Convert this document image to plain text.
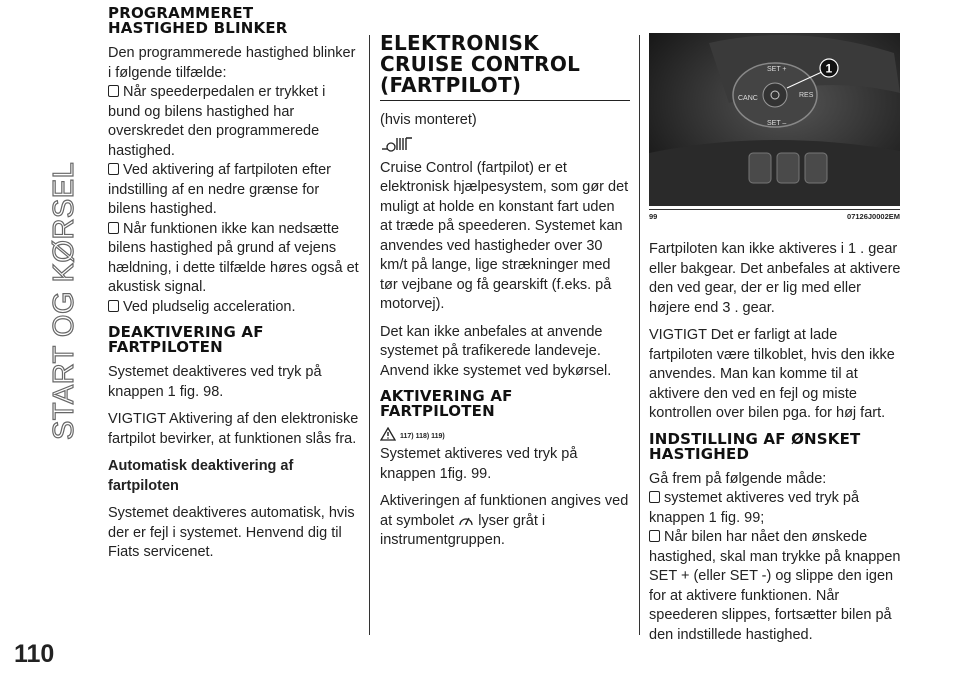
START OG KØRSEL
110
PROGRAMMERET
HASTIGHED BLINKER

Den programmerede hastighed blinker i følgende tilfælde:

Når speederpedalen er trykket i bund og bilens hastighed har overskredet den programmerede hastighed.

Ved aktivering af fartpiloten efter indstilling af en nedre grænse for bilens hastighed.

Når funktionen ikke kan nedsætte bilens hastighed på grund af vejens hældning, i dette tilfælde høres også et akustisk signal.

Ved pludselig acceleration.

DEAKTIVERING AF
FARTPILOTEN

Systemet deaktiveres ved tryk på knappen 1 fig. 98.

VIGTIGT Aktivering af den elektroniske fartpilot bevirker, at funktionen slås fra.

Automatisk deaktivering af fartpiloten

Systemet deaktiveres automatisk, hvis der er fejl i systemet. Henvend dig til Fiats servicenet.

ELEKTRONISK
CRUISE CONTROL
(FARTPILOT)

(hvis monteret)

Cruise Control (fartpilot) er et elektronisk hjælpesystem, som gør det muligt at holde en konstant fart uden at træde på speederen. Systemet kan anvendes ved hastigheder over 30 km/t på lange, lige strækninger med tør vejbane og få gearskift (f.eks. på motorvej).

Det kan ikke anbefales at anvende systemet på trafikerede landeveje. Anvend ikke systemet ved bykørsel.

AKTIVERING AF
FARTPILOTEN
117) 118) 119)

Systemet aktiveres ved tryk på knappen 1fig. 99.

Aktiveringen af funktionen angives ved at symbolet lyser gråt i instrumentgruppen.

SET +
CANC	RES
SET –
1
99	07126J0002EM

Fartpiloten kan ikke aktiveres i 1 . gear eller bakgear. Det anbefales at aktivere den ved gear, der er lig med eller højere end 3 . gear.

VIGTIGT Det er farligt at lade fartpiloten være tilkoblet, hvis den ikke anvendes. Man kan komme til at aktivere den ved en fejl og miste kontrollen over bilen pga. for høj fart.

INDSTILLING AF ØNSKET
HASTIGHED

Gå frem på følgende måde:

systemet aktiveres ved tryk på knappen 1 fig. 99;

Når bilen har nået den ønskede hastighed, skal man trykke på knappen SET + (eller SET -) og slippe den igen for at aktivere funktionen. Når speederen slippes, fortsætter bilen på den indstillede hastighed.
